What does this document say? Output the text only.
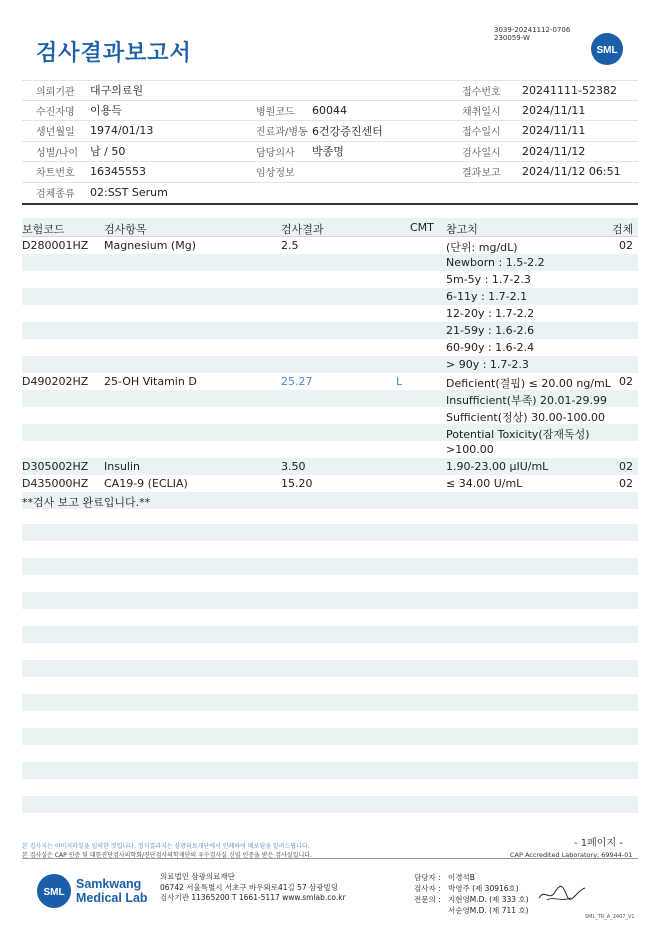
검사결과보고서
3039-20241112-0706
230059-W
SML
의뢰기관 대구의료원	접수번호 20241111-52382
수진자명 이용득	병원코드 60044	채취일시 2024/11/11
생년월일 1974/01/13	진료과/병동 6건강증진센터	접수일시 2024/11/11
성별/나이 남 / 50	담당의사 박종명	검사일시 2024/11/12
차트번호 16345553	임상정보	결과보고 2024/11/12 06:51
검체종류 02:SST Serum
보험코드	검사항목	검사결과	CMT 참고치	검체
D280001HZ Magnesium (Mg)	2.5	(단위: mg/dL)	02
Newborn : 1.5-2.2
5m-5y : 1.7-2.3
6-11y : 1.7-2.1
12-20y : 1.7-2.2
21-59y : 1.6-2.6
60-90y : 1.6-2.4
> 90y : 1.7-2.3
D490202HZ 25-OH Vitamin D	25.27	L	Deficient(결핍) ≤ 20.00 ng/mL 02
Insufficient(부족) 20.01-29.99
Sufficient(정상) 30.00-100.00
Potential Toxicity(잠재독성)
>100.00
D305002HZ Insulin	3.50	1.90-23.00 μIU/mL	02
D435000HZ CA19-9 (ECLIA)	15.20	≤ 34.00 U/mL	02
**검사 보고 완료입니다.**
본 검사지는 이미지파일을 임의한 것입니다. 정식결과지는 삼광의료재단에서 인쇄하여 배포됨을 알려드립니다.
본 검사실은 CAP 인증 및 대한진단검사의학회/진단검사의학재단의 우수검사실 신임 인증을 받은 검사실입니다.
- 1페이지 -
CAP Accredited Laboratory, 69944-01
SML
Samkwang
Medical Lab
의료법인 삼광의료재단
06742 서울특별시 서초구 바우뫼로41길 57 삼광빌딩
검사기관 11365200 T 1661-5117 www.smlab.co.kr
담당자 : 이경석B
검사자 : 박영주 (제 30916호)
전문의 : 지현영M.D. (제 333 호)
서순영M.D. (제 711 호)
SML_TR_A_2407_V1
